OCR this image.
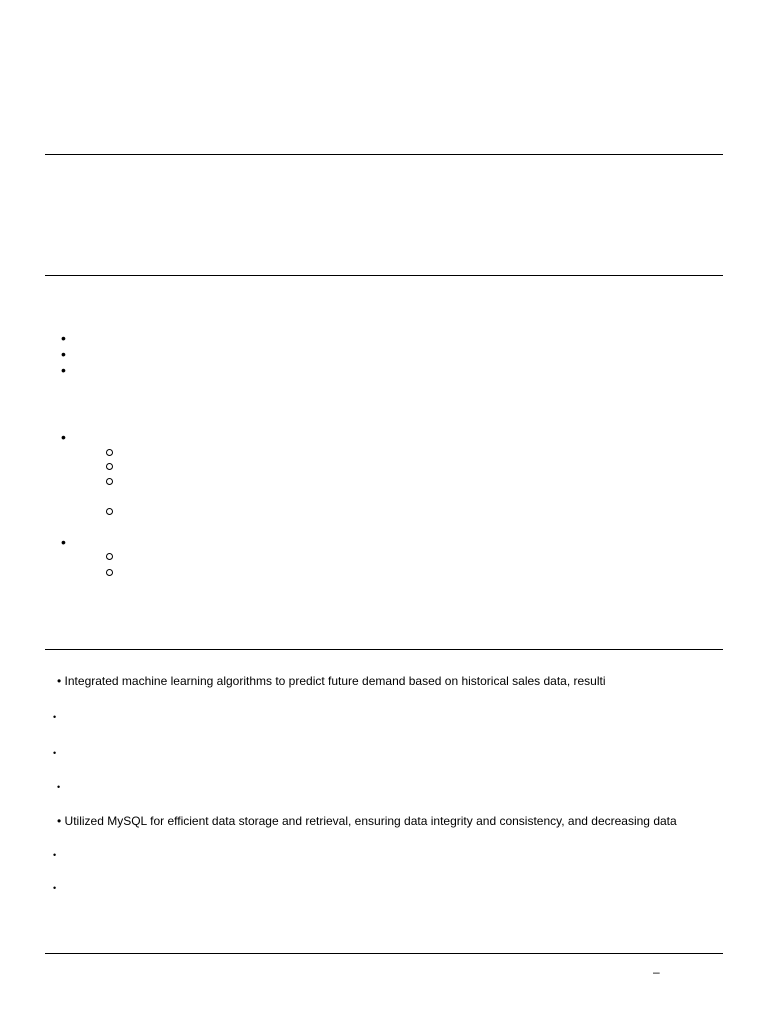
•
•
•
•
•
• Integrated machine learning algorithms to predict future demand based on historical sales data, resulti
•
•
•
• Utilized MySQL for efficient data storage and retrieval, ensuring data integrity and consistency, and decreasing data
•
•
–
